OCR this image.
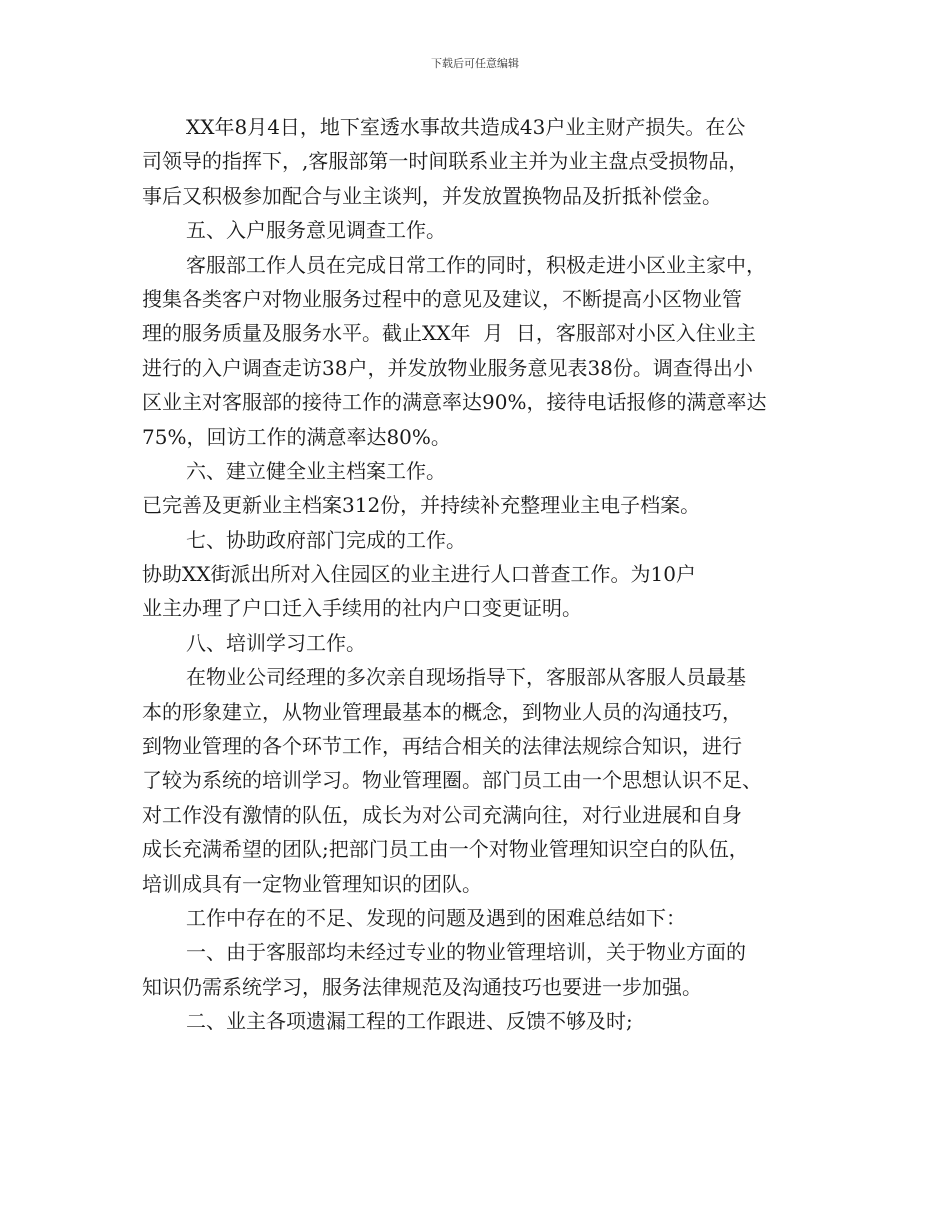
下载后可任意编辑
XX年8月4日，地下室透水事故共造成43户业主财产损失。在公
司领导的指挥下，,客服部第一时间联系业主并为业主盘点受损物品，
事后又积极参加配合与业主谈判，并发放置换物品及折抵补偿金。
五、入户服务意见调查工作。
客服部工作人员在完成日常工作的同时，积极走进小区业主家中，
搜集各类客户对物业服务过程中的意见及建议，不断提高小区物业管
理的服务质量及服务水平。截止XX年  月  日，客服部对小区入住业主
进行的入户调查走访38户，并发放物业服务意见表38份。调查得出小
区业主对客服部的接待工作的满意率达90%，接待电话报修的满意率达
75%，回访工作的满意率达80%。
六、建立健全业主档案工作。
已完善及更新业主档案312份，并持续补充整理业主电子档案。
七、协助政府部门完成的工作。
协助XX街派出所对入住园区的业主进行人口普查工作。为10户
业主办理了户口迁入手续用的社内户口变更证明。
八、培训学习工作。
在物业公司经理的多次亲自现场指导下，客服部从客服人员最基
本的形象建立，从物业管理最基本的概念，到物业人员的沟通技巧，
到物业管理的各个环节工作，再结合相关的法律法规综合知识，进行
了较为系统的培训学习。物业管理圈。部门员工由一个思想认识不足、
对工作没有激情的队伍，成长为对公司充满向往，对行业进展和自身
成长充满希望的团队;把部门员工由一个对物业管理知识空白的队伍，
培训成具有一定物业管理知识的团队。
工作中存在的不足、发现的问题及遇到的困难总结如下：
一、由于客服部均未经过专业的物业管理培训，关于物业方面的
知识仍需系统学习，服务法律规范及沟通技巧也要进一步加强。
二、业主各项遗漏工程的工作跟进、反馈不够及时;
